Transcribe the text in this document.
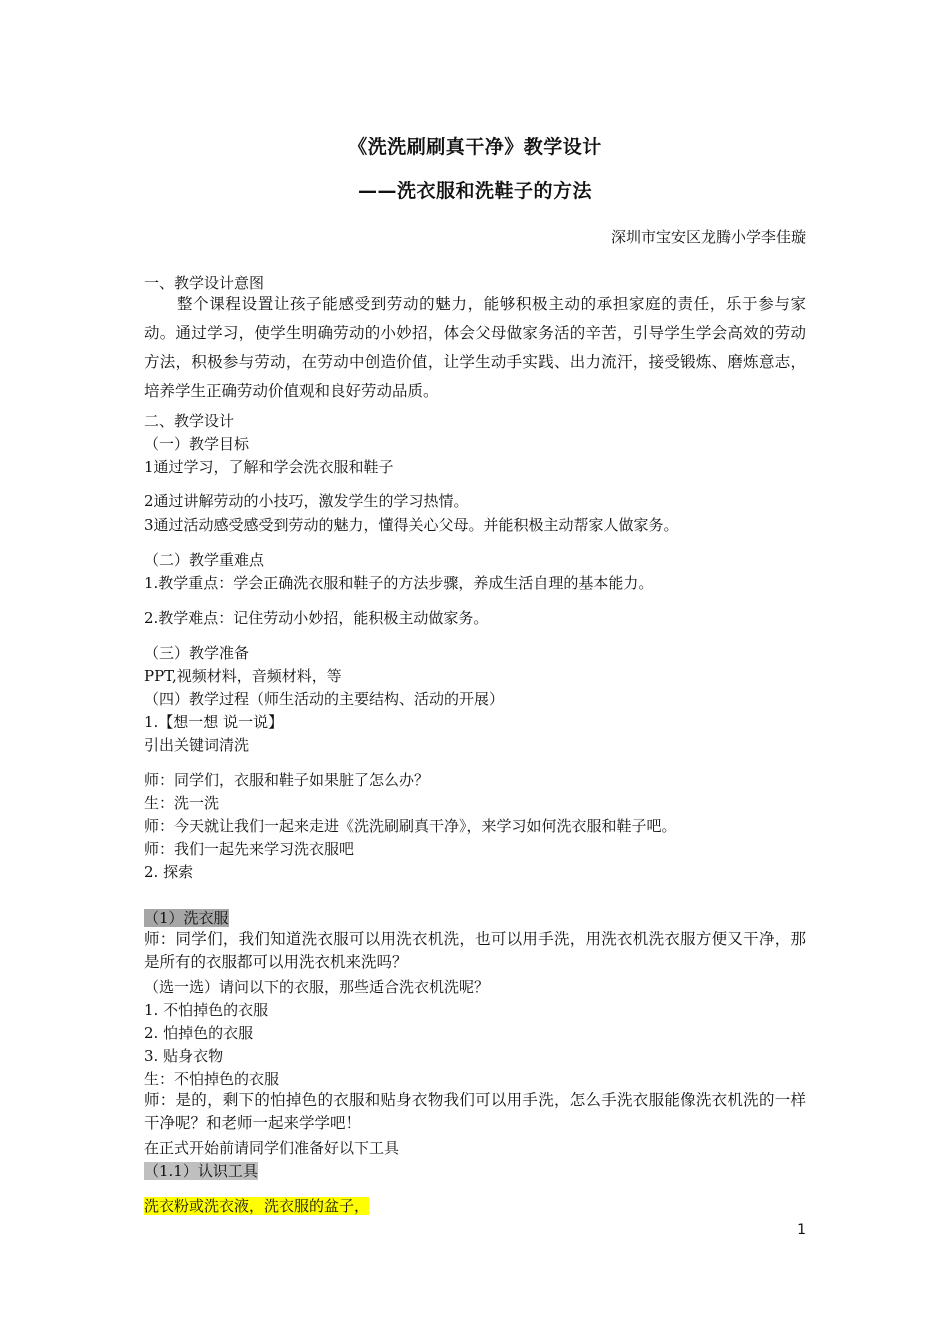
《洗洗刷刷真干净》教学设计
——洗衣服和洗鞋子的方法
深圳市宝安区龙腾小学李佳璇
一、教学设计意图
整个课程设置让孩子能感受到劳动的魅力，能够积极主动的承担家庭的责任，乐于参与家动。通过学习，使学生明确劳动的小妙招，体会父母做家务活的辛苦，引导学生学会高效的劳动方法，积极参与劳动，在劳动中创造价值，让学生动手实践、出力流汗，接受锻炼、磨炼意志，培养学生正确劳动价值观和良好劳动品质。
二、教学设计
（一）教学目标
1通过学习，了解和学会洗衣服和鞋子
2通过讲解劳动的小技巧，激发学生的学习热情。
3通过活动感受感受到劳动的魅力，懂得关心父母。并能积极主动帮家人做家务。
（二）教学重难点
1.教学重点：学会正确洗衣服和鞋子的方法步骤，养成生活自理的基本能力。
2.教学难点：记住劳动小妙招，能积极主动做家务。
（三）教学准备
PPT,视频材料，音频材料，等
（四）教学过程（师生活动的主要结构、活动的开展）
1.【想一想 说一说】
引出关键词清洗
师：同学们，衣服和鞋子如果脏了怎么办？
生：洗一洗
师：今天就让我们一起来走进《洗洗刷刷真干净》，来学习如何洗衣服和鞋子吧。
师：我们一起先来学习洗衣服吧
2. 探索
（1）洗衣服
师：同学们，我们知道洗衣服可以用洗衣机洗，也可以用手洗，用洗衣机洗衣服方便又干净，那是所有的衣服都可以用洗衣机来洗吗？
（选一选）请问以下的衣服，那些适合洗衣机洗呢？
1. 不怕掉色的衣服
2. 怕掉色的衣服
3. 贴身衣物
生：不怕掉色的衣服
师：是的，剩下的怕掉色的衣服和贴身衣物我们可以用手洗，怎么手洗衣服能像洗衣机洗的一样干净呢？和老师一起来学学吧！
在正式开始前请同学们准备好以下工具
（1.1）认识工具
洗衣粉或洗衣液，洗衣服的盆子，
1
